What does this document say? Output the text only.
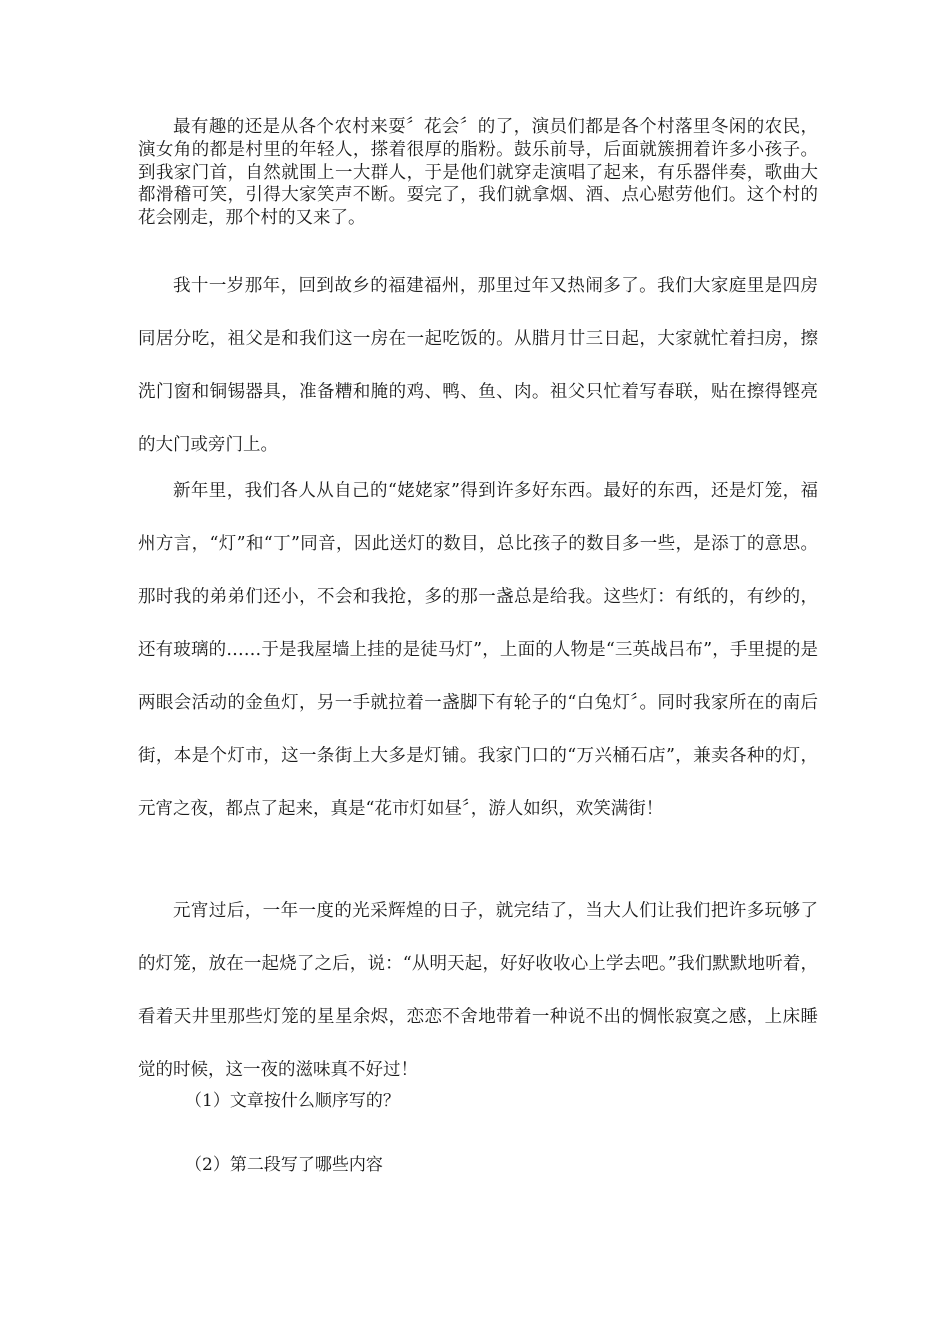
最有趣的还是从各个农村来耍〞花会〞的了，演员们都是各个村落里冬闲的农民，演女角的都是村里的年轻人，搽着很厚的脂粉。鼓乐前导，后面就簇拥着许多小孩子。到我家门首，自然就围上一大群人，于是他们就穿走演唱了起来，有乐器伴奏，歌曲大都滑稽可笑，引得大家笑声不断。耍完了，我们就拿烟、酒、点心慰劳他们。这个村的花会刚走，那个村的又来了。

我十一岁那年，回到故乡的福建福州，那里过年又热闹多了。我们大家庭里是四房同居分吃，祖父是和我们这一房在一起吃饭的。从腊月廿三日起，大家就忙着扫房，擦洗门窗和铜锡器具，准备糟和腌的鸡、鸭、鱼、肉。祖父只忙着写春联，贴在擦得铿亮的大门或旁门上。

新年里，我们各人从自己的“姥姥家”得到许多好东西。最好的东西，还是灯笼，福州方言，“灯”和“丁”同音，因此送灯的数目，总比孩子的数目多一些，是添丁的意思。那时我的弟弟们还小，不会和我抢，多的那一盏总是给我。这些灯：有纸的，有纱的，还有玻璃的……于是我屋墙上挂的是徒马灯”，上面的人物是“三英战吕布”，手里提的是两眼会活动的金鱼灯，另一手就拉着一盏脚下有轮子的“白兔灯〞。同时我家所在的南后街，本是个灯市，这一条街上大多是灯铺。我家门口的“万兴桶石店”，兼卖各种的灯，元宵之夜，都点了起来，真是“花市灯如昼〞，游人如织，欢笑满街！

元宵过后，一年一度的光采辉煌的日子，就完结了，当大人们让我们把许多玩够了的灯笼，放在一起烧了之后，说：“从明天起，好好收收心上学去吧。”我们默默地听着，看着天井里那些灯笼的星星余烬，恋恋不舍地带着一种说不出的惆怅寂寞之感，上床睡觉的时候，这一夜的滋味真不好过！

（1）文章按什么顺序写的？

（2）第二段写了哪些内容
